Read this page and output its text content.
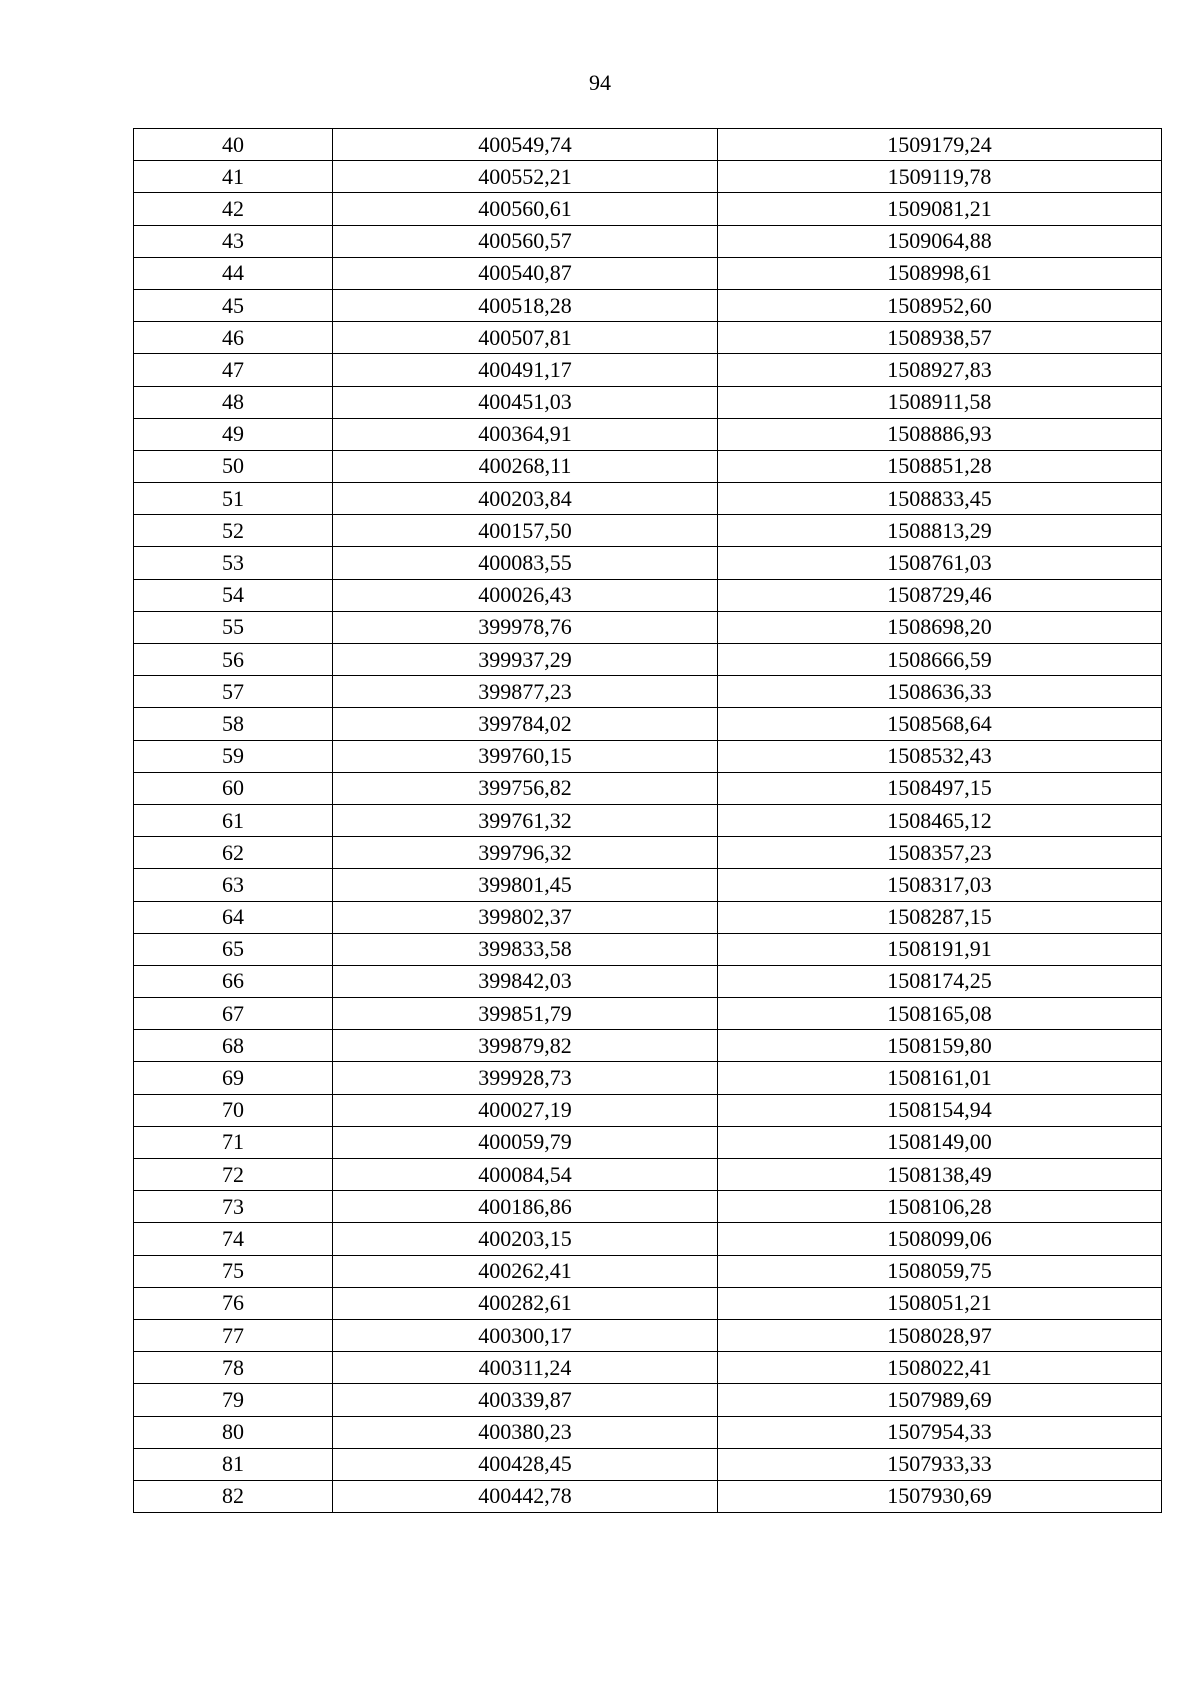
94
40	400549,74	1509179,24
41	400552,21	1509119,78
42	400560,61	1509081,21
43	400560,57	1509064,88
44	400540,87	1508998,61
45	400518,28	1508952,60
46	400507,81	1508938,57
47	400491,17	1508927,83
48	400451,03	1508911,58
49	400364,91	1508886,93
50	400268,11	1508851,28
51	400203,84	1508833,45
52	400157,50	1508813,29
53	400083,55	1508761,03
54	400026,43	1508729,46
55	399978,76	1508698,20
56	399937,29	1508666,59
57	399877,23	1508636,33
58	399784,02	1508568,64
59	399760,15	1508532,43
60	399756,82	1508497,15
61	399761,32	1508465,12
62	399796,32	1508357,23
63	399801,45	1508317,03
64	399802,37	1508287,15
65	399833,58	1508191,91
66	399842,03	1508174,25
67	399851,79	1508165,08
68	399879,82	1508159,80
69	399928,73	1508161,01
70	400027,19	1508154,94
71	400059,79	1508149,00
72	400084,54	1508138,49
73	400186,86	1508106,28
74	400203,15	1508099,06
75	400262,41	1508059,75
76	400282,61	1508051,21
77	400300,17	1508028,97
78	400311,24	1508022,41
79	400339,87	1507989,69
80	400380,23	1507954,33
81	400428,45	1507933,33
82	400442,78	1507930,69
